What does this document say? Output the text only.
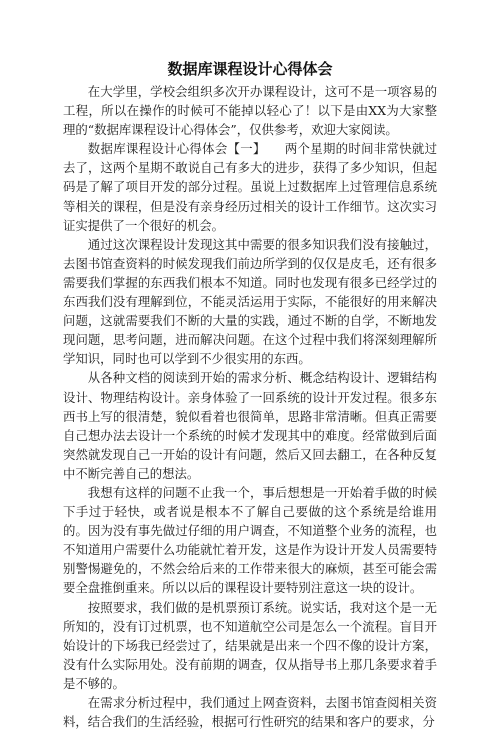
数据库课程设计心得体会

在大学里，学校会组织多次开办课程设计，这可不是一项容易的工程，所以在操作的时候可不能掉以轻心了！以下是由XX为大家整理的“数据库课程设计心得体会”，仅供参考，欢迎大家阅读。

数据库课程设计心得体会【一】　　两个星期的时间非常快就过去了，这两个星期不敢说自己有多大的进步，获得了多少知识，但起码是了解了项目开发的部分过程。虽说上过数据库上过管理信息系统等相关的课程，但是没有亲身经历过相关的设计工作细节。这次实习证实提供了一个很好的机会。

通过这次课程设计发现这其中需要的很多知识我们没有接触过，去图书馆查资料的时候发现我们前边所学到的仅仅是皮毛，还有很多需要我们掌握的东西我们根本不知道。同时也发现有很多已经学过的东西我们没有理解到位，不能灵活运用于实际，不能很好的用来解决问题，这就需要我们不断的大量的实践，通过不断的自学，不断地发现问题，思考问题，进而解决问题。在这个过程中我们将深刻理解所学知识，同时也可以学到不少很实用的东西。

从各种文档的阅读到开始的需求分析、概念结构设计、逻辑结构设计、物理结构设计。亲身体验了一回系统的设计开发过程。很多东西书上写的很清楚，貌似看着也很简单，思路非常清晰。但真正需要自己想办法去设计一个系统的时候才发现其中的难度。经常做到后面突然就发现自己一开始的设计有问题，然后又回去翻工，在各种反复中不断完善自己的想法。

我想有这样的问题不止我一个，事后想想是一开始着手做的时候下手过于轻快，或者说是根本不了解自己要做的这个系统是给谁用的。因为没有事先做过仔细的用户调查，不知道整个业务的流程，也不知道用户需要什么功能就忙着开发，这是作为设计开发人员需要特别警惕避免的，不然会给后来的工作带来很大的麻烦，甚至可能会需要全盘推倒重来。所以以后的课程设计要特别注意这一块的设计。

按照要求，我们做的是机票预订系统。说实话，我对这个是一无所知的，没有订过机票，也不知道航空公司是怎么一个流程。盲目开始设计的下场我已经尝过了，结果就是出来一个四不像的设计方案，没有什么实际用处。没有前期的调查，仅从指导书上那几条要求着手是不够的。

在需求分析过程中，我们通过上网查资料，去图书馆查阅相关资料，结合我们的生活经验，根据可行性研究的结果和客户的要求，分
